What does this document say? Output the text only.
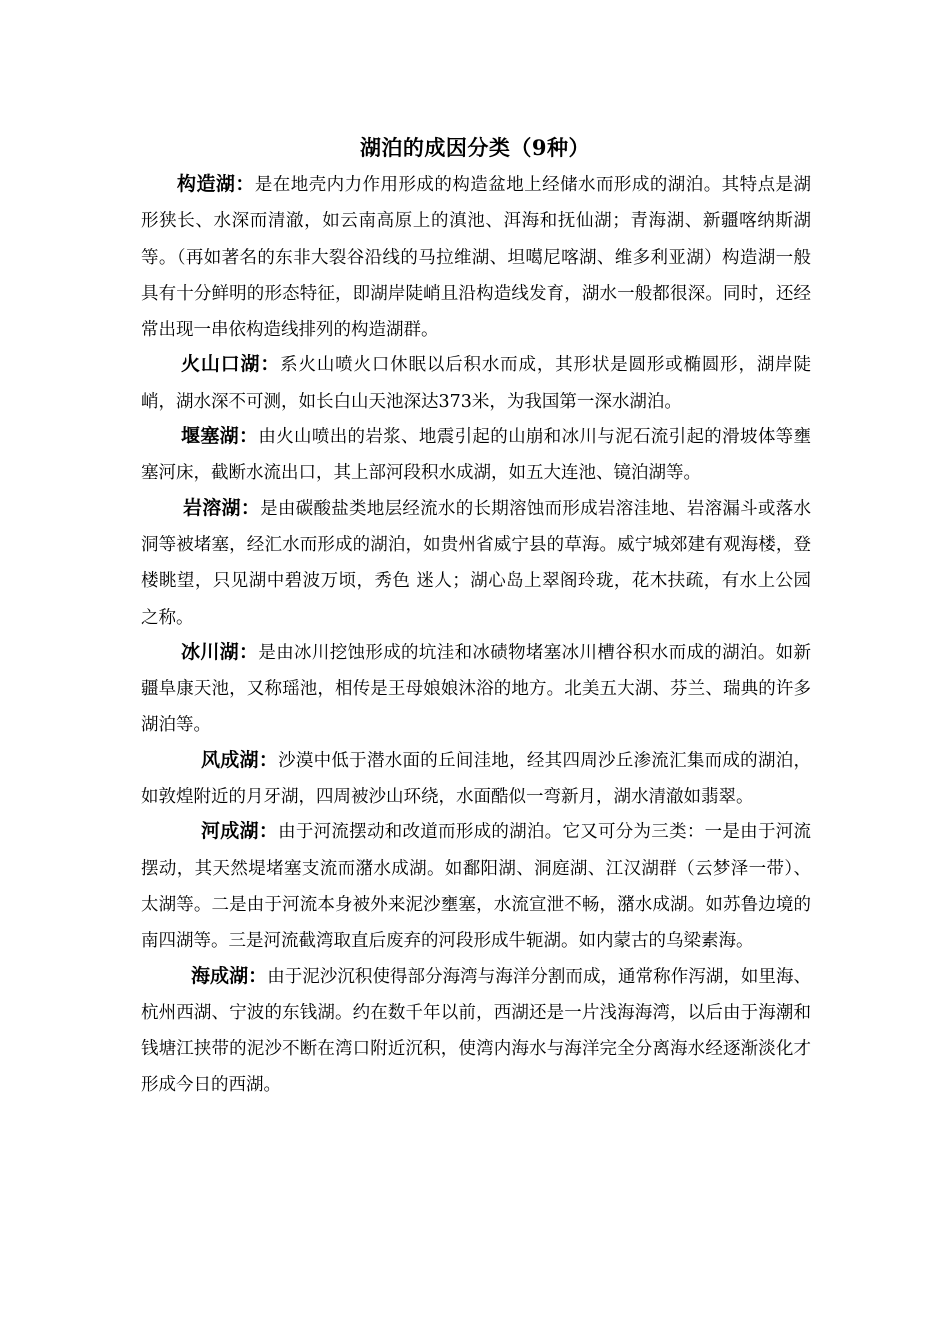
湖泊的成因分类（9种）

构造湖：是在地壳内力作用形成的构造盆地上经储水而形成的湖泊。其特点是湖形狭长、水深而清澈，如云南高原上的滇池、洱海和抚仙湖；青海湖、新疆喀纳斯湖等。（再如著名的东非大裂谷沿线的马拉维湖、坦噶尼喀湖、维多利亚湖）构造湖一般具有十分鲜明的形态特征，即湖岸陡峭且沿构造线发育，湖水一般都很深。同时，还经常出现一串依构造线排列的构造湖群。

火山口湖：系火山喷火口休眠以后积水而成，其形状是圆形或椭圆形，湖岸陡峭，湖水深不可测，如长白山天池深达373米，为我国第一深水湖泊。

堰塞湖：由火山喷出的岩浆、地震引起的山崩和冰川与泥石流引起的滑坡体等壅塞河床，截断水流出口，其上部河段积水成湖，如五大连池、镜泊湖等。

岩溶湖：是由碳酸盐类地层经流水的长期溶蚀而形成岩溶洼地、岩溶漏斗或落水洞等被堵塞，经汇水而形成的湖泊，如贵州省威宁县的草海。威宁城郊建有观海楼，登楼眺望，只见湖中碧波万顷，秀色 迷人；湖心岛上翠阁玲珑，花木扶疏，有水上公园之称。

冰川湖：是由冰川挖蚀形成的坑洼和冰碛物堵塞冰川槽谷积水而成的湖泊。如新疆阜康天池，又称瑶池，相传是王母娘娘沐浴的地方。北美五大湖、芬兰、瑞典的许多湖泊等。

风成湖：沙漠中低于潜水面的丘间洼地，经其四周沙丘渗流汇集而成的湖泊，如敦煌附近的月牙湖，四周被沙山环绕，水面酷似一弯新月，湖水清澈如翡翠。

河成湖：由于河流摆动和改道而形成的湖泊。它又可分为三类：一是由于河流摆动，其天然堤堵塞支流而潴水成湖。如鄱阳湖、洞庭湖、江汉湖群（云梦泽一带）、太湖等。二是由于河流本身被外来泥沙壅塞，水流宣泄不畅，潴水成湖。如苏鲁边境的南四湖等。三是河流截湾取直后废弃的河段形成牛轭湖。如内蒙古的乌梁素海。

海成湖：由于泥沙沉积使得部分海湾与海洋分割而成，通常称作泻湖，如里海、杭州西湖、宁波的东钱湖。约在数千年以前，西湖还是一片浅海海湾，以后由于海潮和钱塘江挟带的泥沙不断在湾口附近沉积，使湾内海水与海洋完全分离海水经逐渐淡化才形成今日的西湖。
